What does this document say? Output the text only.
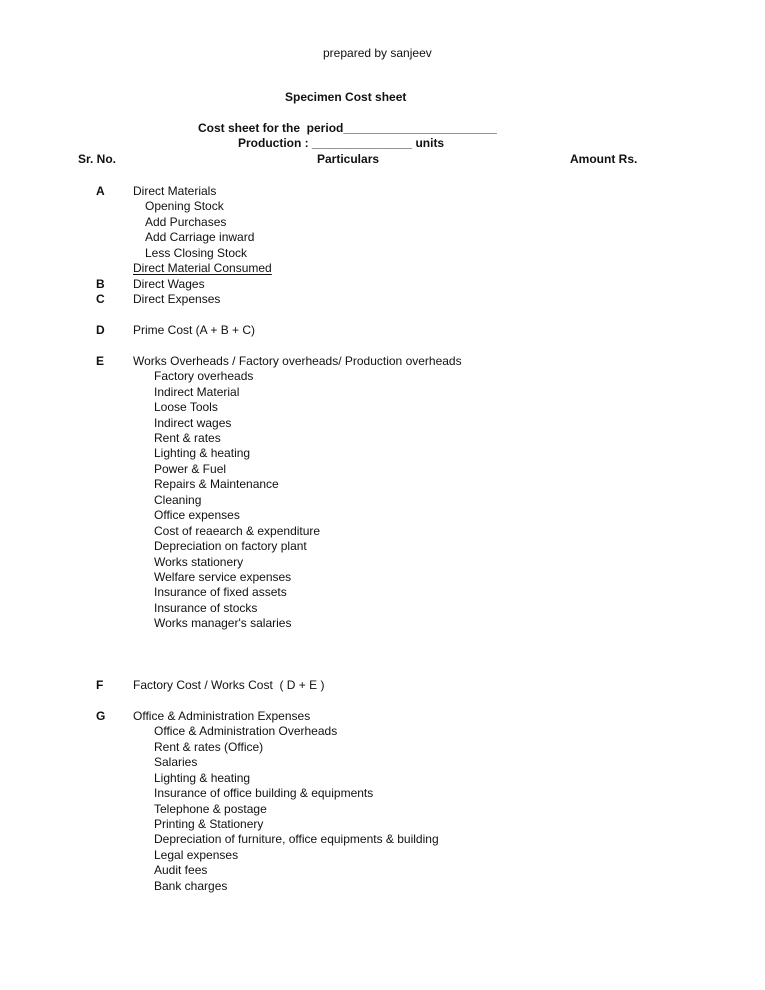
prepared by sanjeev
Specimen Cost sheet
Cost sheet for the  period_______________________
Production : _______________ units
Sr. No.	Particulars	Amount Rs.
A Direct Materials
Opening Stock
Add Purchases
Add Carriage inward
Less Closing Stock
Direct Material Consumed
B Direct Wages
C Direct Expenses
D Prime Cost (A + B + C)
E Works Overheads / Factory overheads/ Production overheads
Factory overheads
Indirect Material
Loose Tools
Indirect wages
Rent & rates
Lighting & heating
Power & Fuel
Repairs & Maintenance
Cleaning
Office expenses
Cost of reaearch & expenditure
Depreciation on factory plant
Works stationery
Welfare service expenses
Insurance of fixed assets
Insurance of stocks
Works manager's salaries
F Factory Cost / Works Cost  ( D + E )
G Office & Administration Expenses
Office & Administration Overheads
Rent & rates (Office)
Salaries
Lighting & heating
Insurance of office building & equipments
Telephone & postage
Printing & Stationery
Depreciation of furniture, office equipments & building
Legal expenses
Audit fees
Bank charges
